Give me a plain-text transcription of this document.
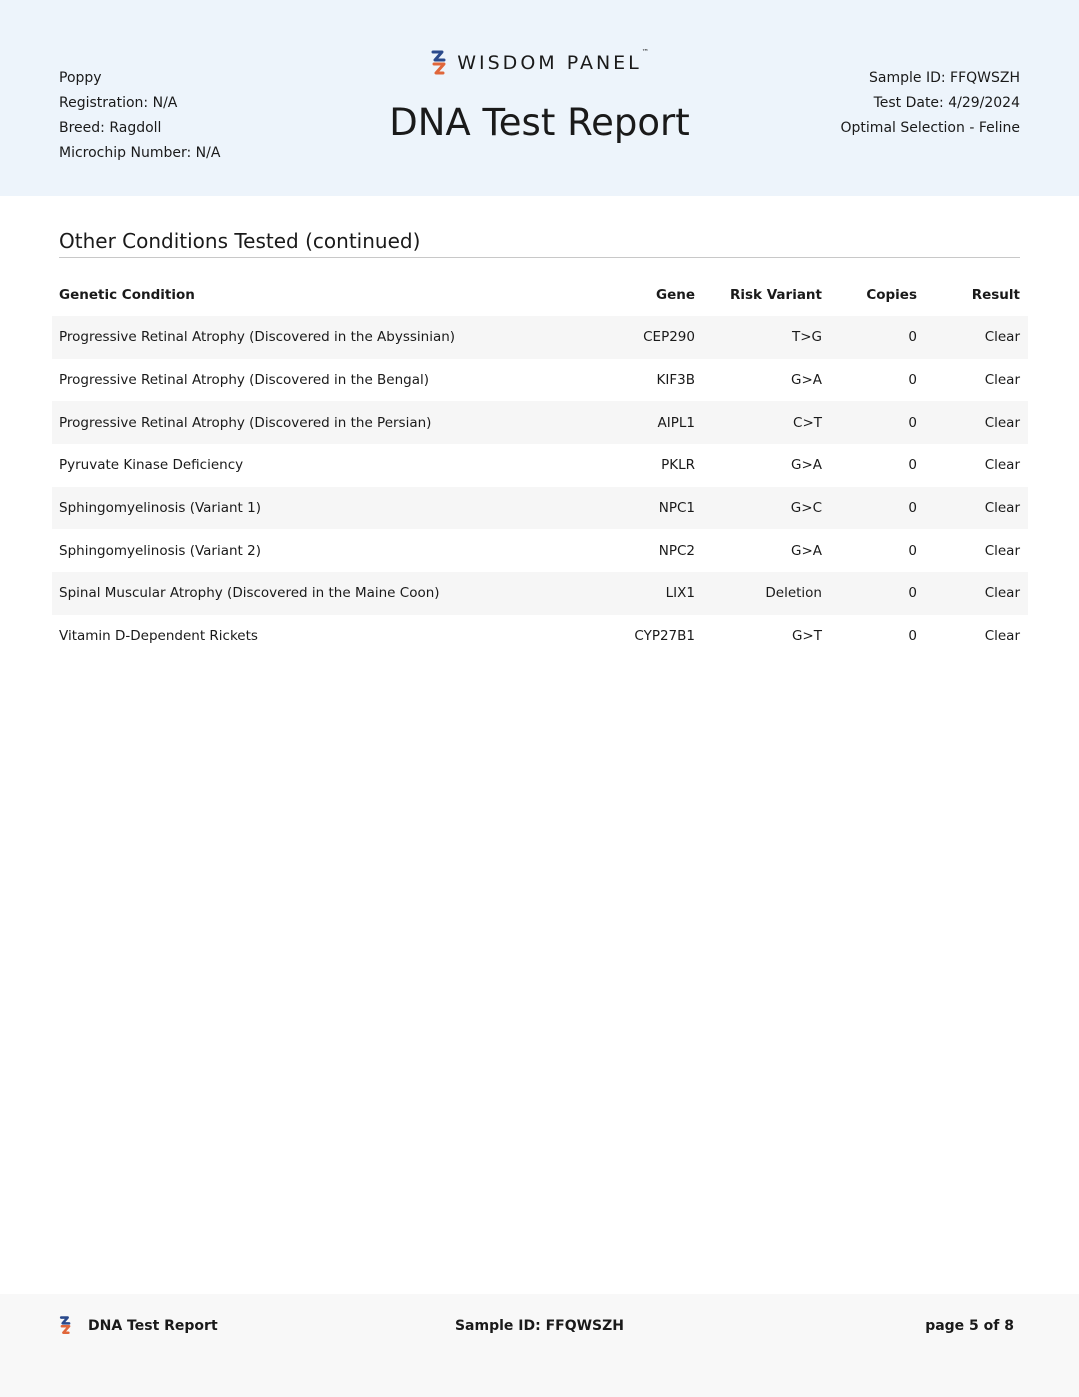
Poppy
Registration: N/A
Breed: Ragdoll
Microchip Number: N/A
WISDOM PANEL™
DNA Test Report
Sample ID: FFQWSZH
Test Date: 4/29/2024
Optimal Selection - Feline
Other Conditions Tested (continued)
Genetic Condition	Gene	Risk Variant	Copies	Result
Progressive Retinal Atrophy (Discovered in the Abyssinian)	CEP290	T>G	0	Clear
Progressive Retinal Atrophy (Discovered in the Bengal)	KIF3B	G>A	0	Clear
Progressive Retinal Atrophy (Discovered in the Persian)	AIPL1	C>T	0	Clear
Pyruvate Kinase Deficiency	PKLR	G>A	0	Clear
Sphingomyelinosis (Variant 1)	NPC1	G>C	0	Clear
Sphingomyelinosis (Variant 2)	NPC2	G>A	0	Clear
Spinal Muscular Atrophy (Discovered in the Maine Coon)	LIX1	Deletion	0	Clear
Vitamin D-Dependent Rickets	CYP27B1	G>T	0	Clear
DNA Test Report	Sample ID: FFQWSZH	page 5 of 8
